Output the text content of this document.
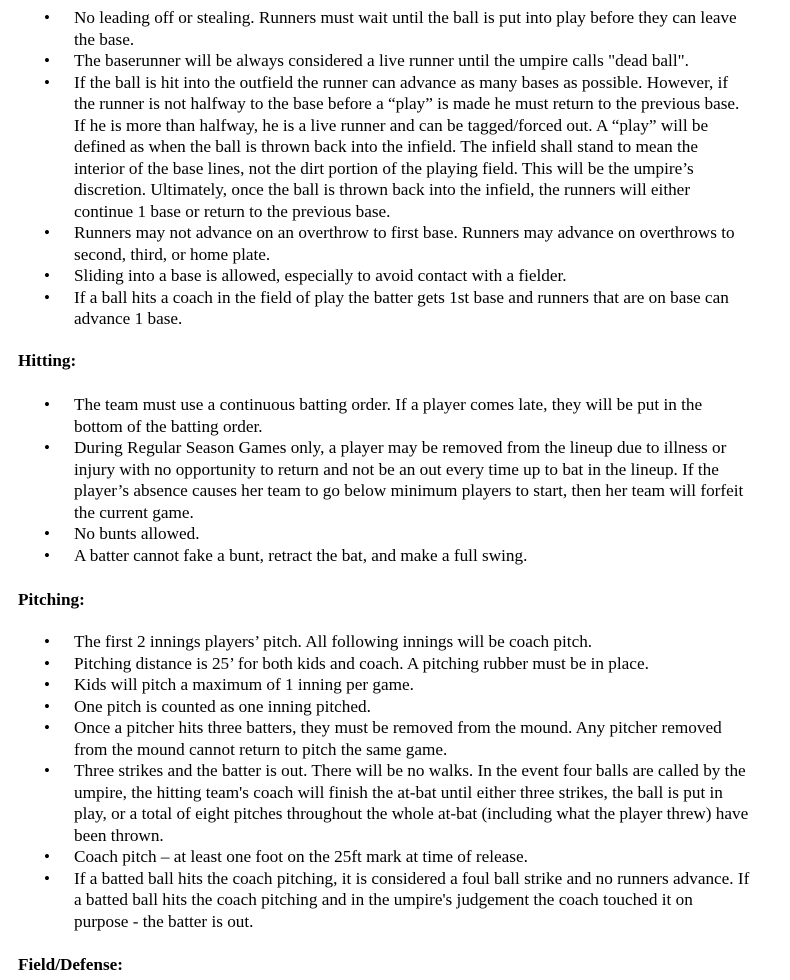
• No leading off or stealing. Runners must wait until the ball is put into play before they can leave the base.
• The baserunner will be always considered a live runner until the umpire calls "dead ball".
• If the ball is hit into the outfield the runner can advance as many bases as possible. However, if the runner is not halfway to the base before a “play” is made he must return to the previous base. If he is more than halfway, he is a live runner and can be tagged/forced out. A “play” will be defined as when the ball is thrown back into the infield. The infield shall stand to mean the interior of the base lines, not the dirt portion of the playing field. This will be the umpire’s discretion. Ultimately, once the ball is thrown back into the infield, the runners will either continue 1 base or return to the previous base.
• Runners may not advance on an overthrow to first base. Runners may advance on overthrows to second, third, or home plate.
• Sliding into a base is allowed, especially to avoid contact with a fielder.
• If a ball hits a coach in the field of play the batter gets 1st base and runners that are on base can advance 1 base.
Hitting:
• The team must use a continuous batting order. If a player comes late, they will be put in the bottom of the batting order.
• During Regular Season Games only, a player may be removed from the lineup due to illness or injury with no opportunity to return and not be an out every time up to bat in the lineup. If the player’s absence causes her team to go below minimum players to start, then her team will forfeit the current game.
• No bunts allowed.
• A batter cannot fake a bunt, retract the bat, and make a full swing.
Pitching:
• The first 2 innings players’ pitch. All following innings will be coach pitch.
• Pitching distance is 25’ for both kids and coach. A pitching rubber must be in place.
• Kids will pitch a maximum of 1 inning per game.
• One pitch is counted as one inning pitched.
• Once a pitcher hits three batters, they must be removed from the mound. Any pitcher removed from the mound cannot return to pitch the same game.
• Three strikes and the batter is out. There will be no walks. In the event four balls are called by the umpire, the hitting team's coach will finish the at-bat until either three strikes, the ball is put in play, or a total of eight pitches throughout the whole at-bat (including what the player threw) have been thrown.
• Coach pitch – at least one foot on the 25ft mark at time of release.
• If a batted ball hits the coach pitching, it is considered a foul ball strike and no runners advance. If a batted ball hits the coach pitching and in the umpire's judgement the coach touched it on purpose - the batter is out.
Field/Defense:
